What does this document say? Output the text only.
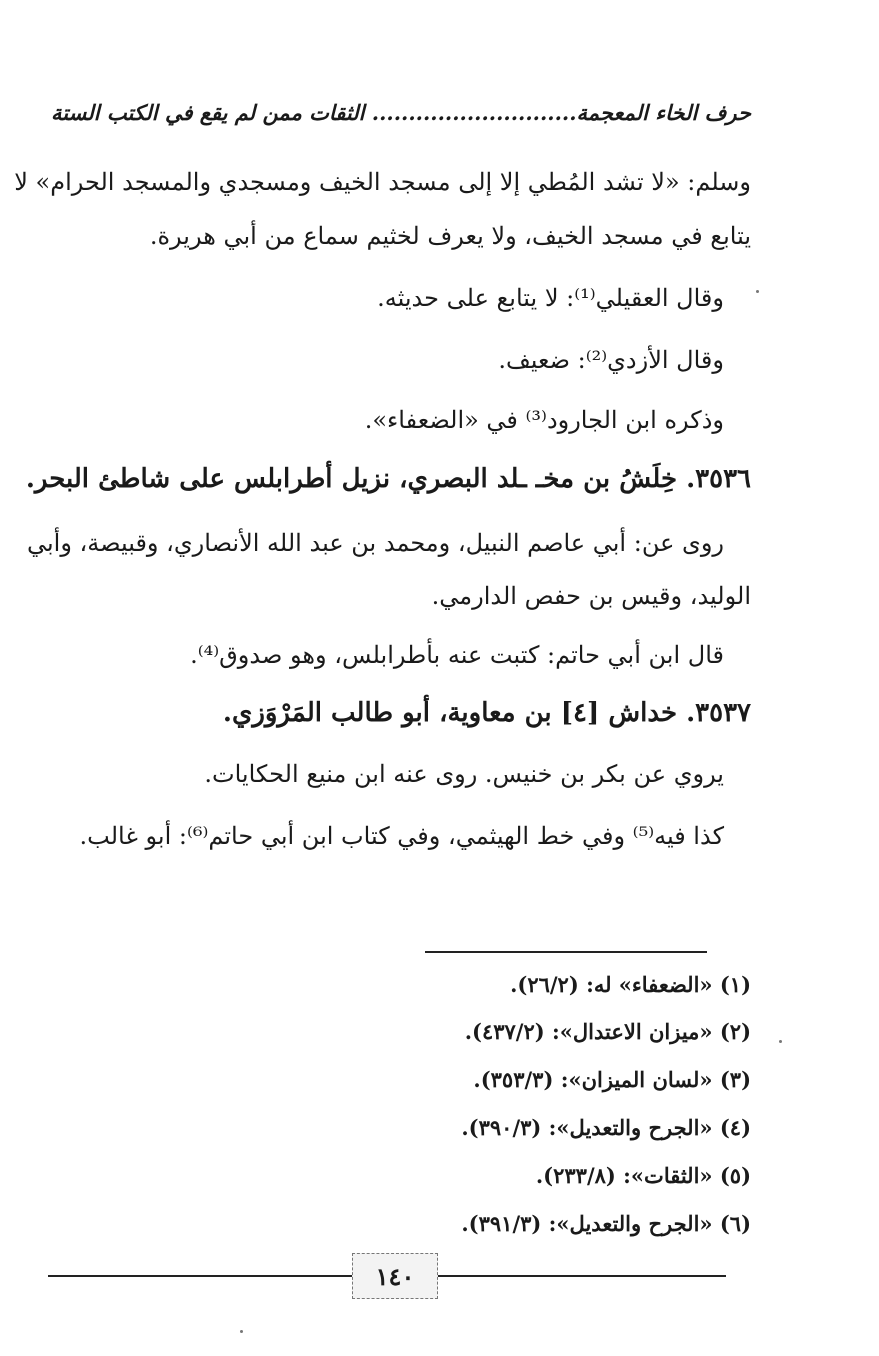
حرف الخاء المعجمة............................ الثقات ممن لم يقع في الكتب الستة
وسلم: «لا تشد المُطي إلا إلى مسجد الخيف ومسجدي والمسجد الحرام» لا
يتابع في مسجد الخيف، ولا يعرف لخثيم سماع من أبي هريرة.
وقال العقيلي⁽¹⁾: لا يتابع على حديثه.
وقال الأزدي⁽²⁾: ضعيف.
وذكره ابن الجارود⁽³⁾ في «الضعفاء».
٣٥٣٦. خِلَشُ بن مخـ ـلد البصري، نزيل أطرابلس على شاطئ البحر.
روى عن: أبي عاصم النبيل، ومحمد بن عبد الله الأنصاري، وقبيصة، وأبي
الوليد، وقيس بن حفص الدارمي.
قال ابن أبي حاتم: كتبت عنه بأطرابلس، وهو صدوق⁽⁴⁾.
٣٥٣٧. خداش [٤] بن معاوية، أبو طالب المَرْوَزي.
يروي عن بكر بن خنيس. روى عنه ابن منيع الحكايات.
كذا فيه⁽⁵⁾ وفي خط الهيثمي، وفي كتاب ابن أبي حاتم⁽⁶⁾: أبو غالب.
(١) «الضعفاء» له: (٢٦/٢).
(٢) «ميزان الاعتدال»: (٤٣٧/٢).
(٣) «لسان الميزان»: (٣٥٣/٣).
(٤) «الجرح والتعديل»: (٣٩٠/٣).
(٥) «الثقات»: (٢٣٣/٨).
(٦) «الجرح والتعديل»: (٣٩١/٣).
١٤٠
